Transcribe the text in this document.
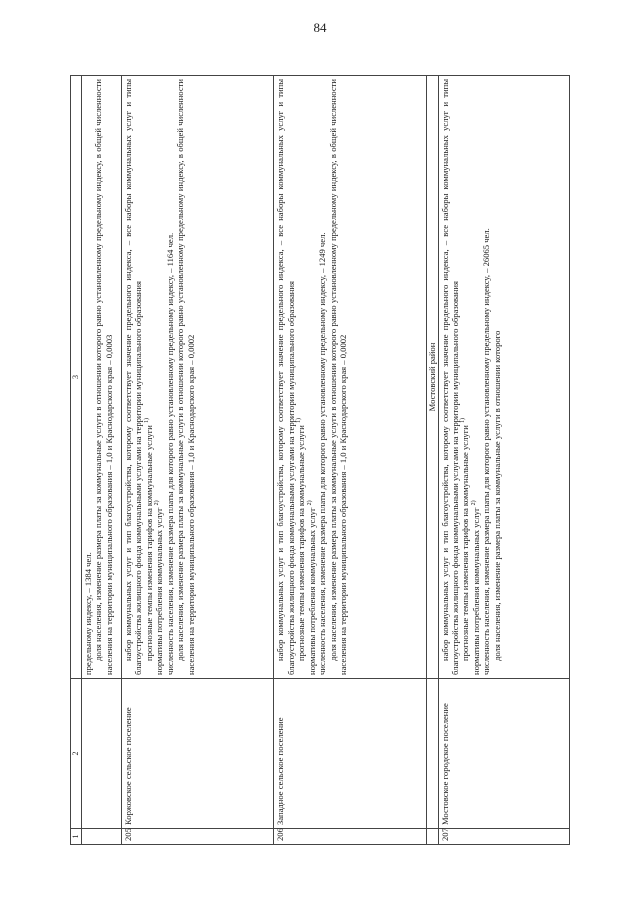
84
1	2	3

		предельному индексу, – 1384 чел. доля населения, изменение размера платы за коммунальные услуги в отношении которого равно установленному предельному индексу, в общей численности населения на территории муниципального образования – 1,0 и Краснодарского края – 0,0003

205	Коржовское сельское поселение	набор коммунальных услуг и тип благоустройства, которому соответствует значение предельного индекса, – все наборы коммунальных услуг и типы благоустройства жилищного фонда коммунальными услугами на территории муниципального образования прогнозные темпы изменения тарифов на коммунальные услуги $^{1)}$
нормативы потребления коммунальных услуг $^{2)}$ численность населения, изменение размера платы для которого равно установленному предельному индексу, – 1164 чел. доля населения, изменение размера платы за коммунальные услуги в отношении которого равно установленному предельному индексу, в общей численности населения на территории муниципального образования – 1,0 и Краснодарского края – 0,0002

206	Западное сельское поселение	набор коммунальных услуг и тип благоустройства, которому соответствует значение предельного индекса, – все наборы коммунальных услуг и типы благоустройства жилищного фонда коммунальными услугами на территории муниципального образования прогнозные темпы изменения тарифов на коммунальные услуги $^{1)}$
нормативы потребления коммунальных услуг $^{2)}$ численность населения, изменение размера платы для которого равно установленному предельному индексу, – 1249 чел. доля населения, изменение размера платы за коммунальные услуги в отношении которого равно установленному предельному индексу, в общей численности населения на территории муниципального образования – 1,0 и Краснодарского края – 0,0002

		Мостовский район
207	Мостовское городское поселение	набор коммунальных услуг и тип благоустройства, которому соответствует значение предельного индекса, – все наборы коммунальных услуг и типы благоустройства жилищного фонда коммунальными услугами на территории муниципального образования прогнозные темпы изменения тарифов на коммунальные услуги $^{1)}$
нормативы потребления коммунальных услуг $^{2)}$ численность населения, изменение размера платы для которого равно установленному предельному индексу, – 26065 чел. доля населения, изменение размера платы за коммунальные услуги в отношении которого
